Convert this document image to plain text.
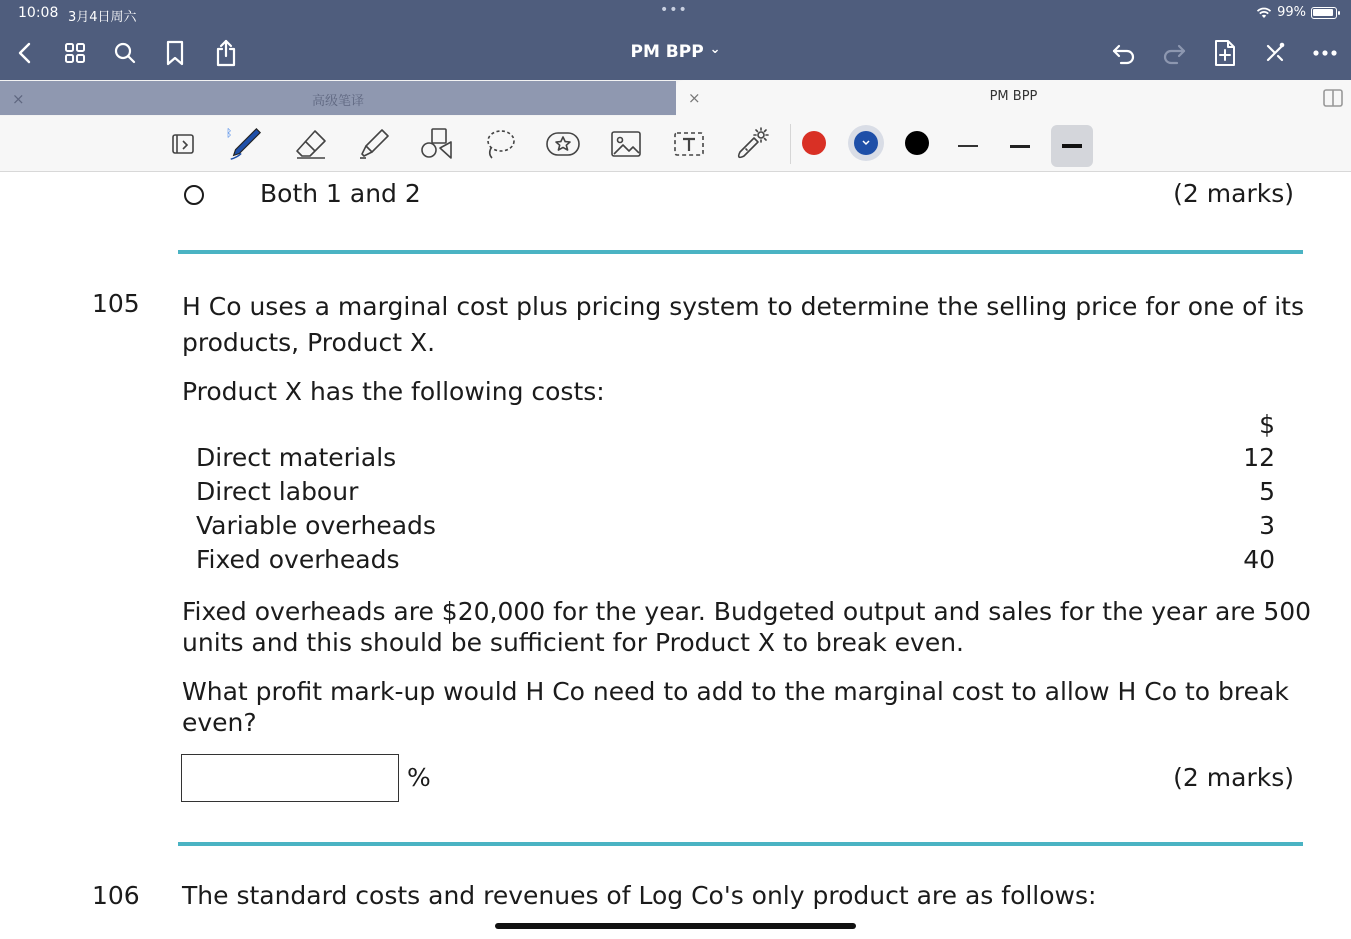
10:08 3月4日周六	•••	99%
PM BPP ⌄
×	高级笔译	×	PM BPP
ᛒ
Both 1 and 2	(2 marks)
105 H Co uses a marginal cost plus pricing system to determine the selling price for one of its
products, Product X.
Product X has the following costs:
$
Direct materials	12
Direct labour	5
Variable overheads	3
Fixed overheads	40
Fixed overheads are $20,000 for the year. Budgeted output and sales for the year are 500
units and this should be sufficient for Product X to break even.
What profit mark-up would H Co need to add to the marginal cost to allow H Co to break
even?
%	(2 marks)
106 The standard costs and revenues of Log Co's only product are as follows:
